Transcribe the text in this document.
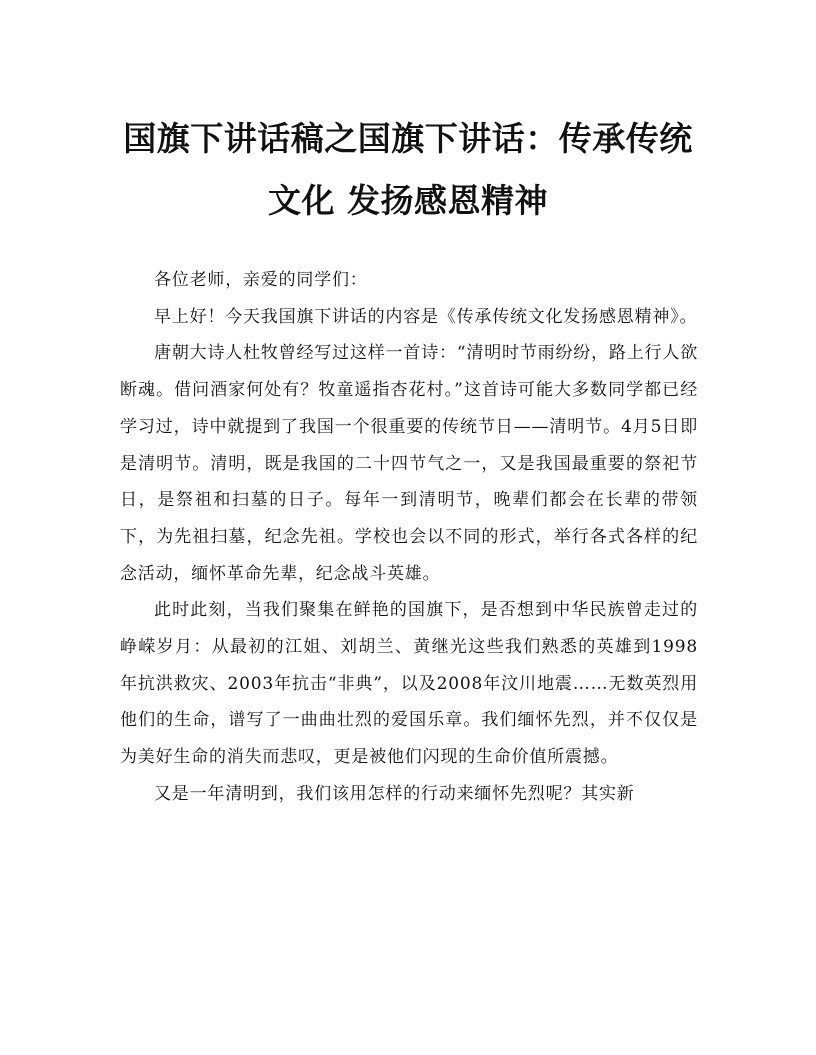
国旗下讲话稿之国旗下讲话：传承传统
文化 发扬感恩精神

各位老师，亲爱的同学们：

早上好！今天我国旗下讲话的内容是《传承传统文化发扬感恩精神》。

唐朝大诗人杜牧曾经写过这样一首诗：“清明时节雨纷纷，路上行人欲断魂。借问酒家何处有？牧童遥指杏花村。”这首诗可能大多数同学都已经学习过，诗中就提到了我国一个很重要的传统节日——清明节。4月5日即是清明节。清明，既是我国的二十四节气之一，又是我国最重要的祭祀节日，是祭祖和扫墓的日子。每年一到清明节，晚辈们都会在长辈的带领下，为先祖扫墓，纪念先祖。学校也会以不同的形式，举行各式各样的纪念活动，缅怀革命先辈，纪念战斗英雄。

此时此刻，当我们聚集在鲜艳的国旗下，是否想到中华民族曾走过的峥嵘岁月：从最初的江姐、刘胡兰、黄继光这些我们熟悉的英雄到1998年抗洪救灾、2003年抗击“非典”，以及2008年汶川地震……无数英烈用他们的生命，谱写了一曲曲壮烈的爱国乐章。我们缅怀先烈，并不仅仅是为美好生命的消失而悲叹，更是被他们闪现的生命价值所震撼。

又是一年清明到，我们该用怎样的行动来缅怀先烈呢？其实新
